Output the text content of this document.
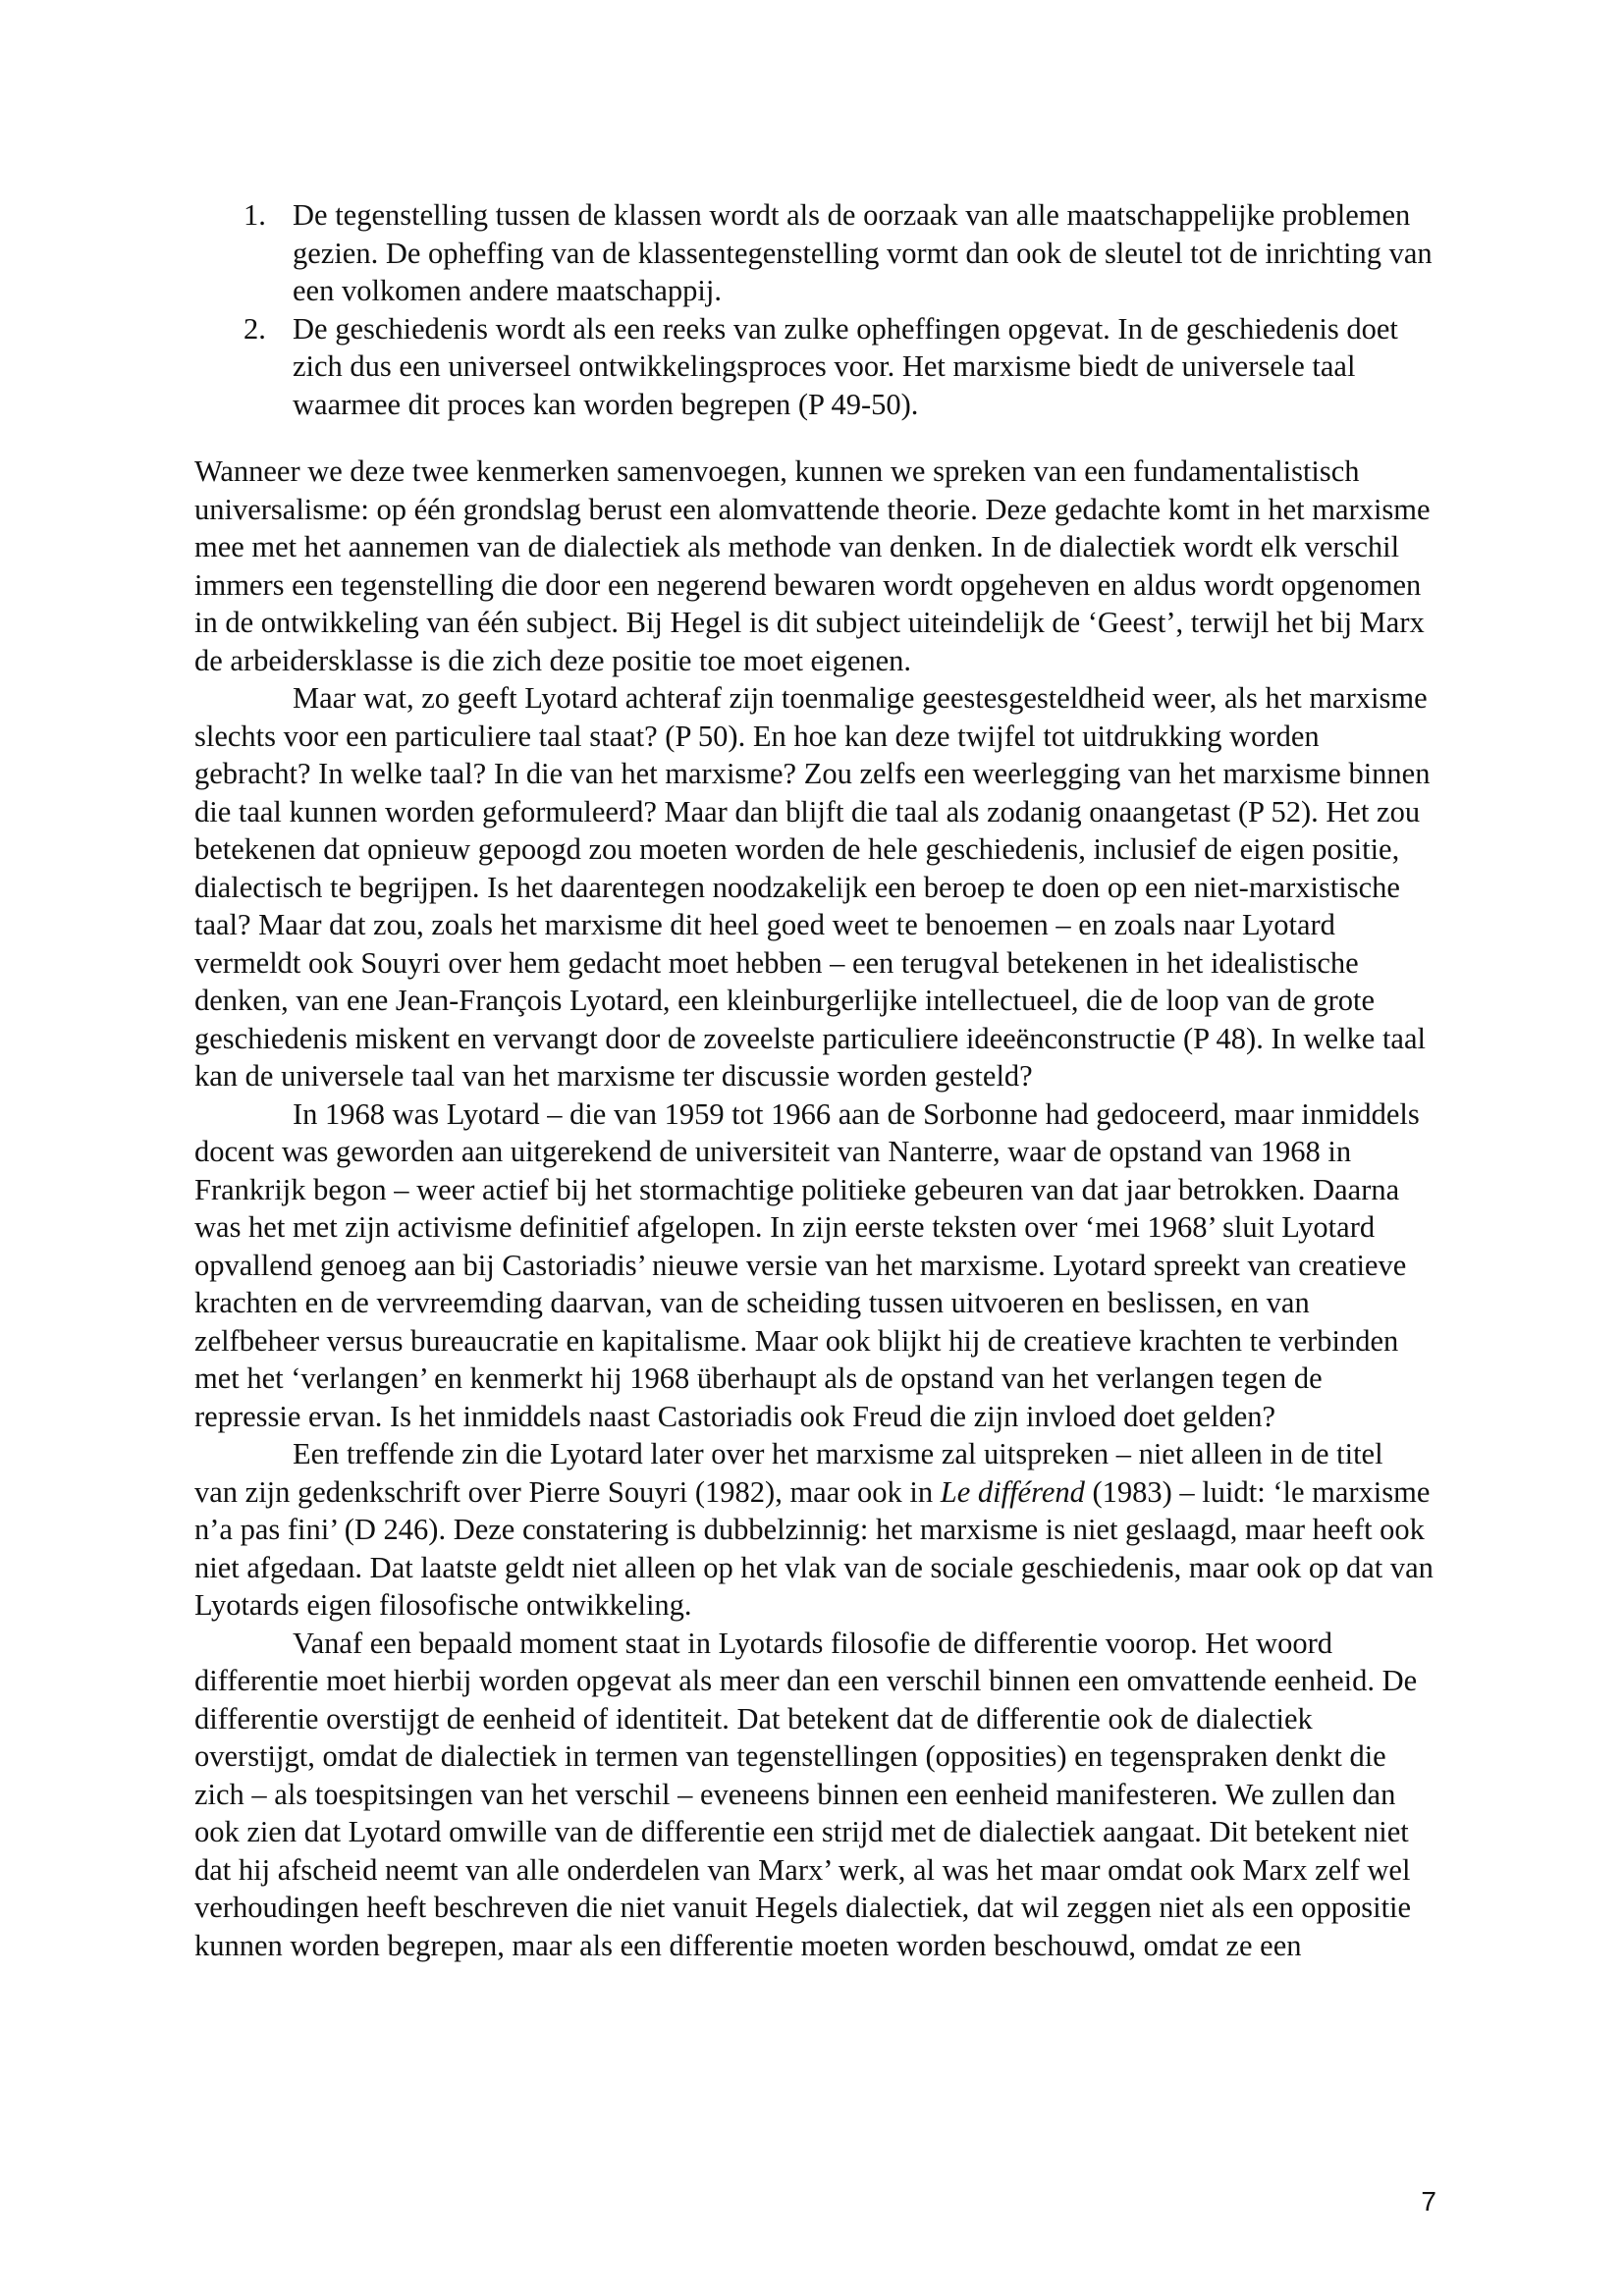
1. De tegenstelling tussen de klassen wordt als de oorzaak van alle maatschappelijke problemen gezien. De opheffing van de klassentegenstelling vormt dan ook de sleutel tot de inrichting van een volkomen andere maatschappij.
2. De geschiedenis wordt als een reeks van zulke opheffingen opgevat. In de geschiedenis doet zich dus een universeel ontwikkelingsproces voor. Het marxisme biedt de universele taal waarmee dit proces kan worden begrepen (P 49-50).

Wanneer we deze twee kenmerken samenvoegen, kunnen we spreken van een fundamentalistisch universalisme: op één grondslag berust een alomvattende theorie. Deze gedachte komt in het marxisme mee met het aannemen van de dialectiek als methode van denken. In de dialectiek wordt elk verschil immers een tegenstelling die door een negerend bewaren wordt opgeheven en aldus wordt opgenomen in de ontwikkeling van één subject. Bij Hegel is dit subject uiteindelijk de ‘Geest’, terwijl het bij Marx de arbeidersklasse is die zich deze positie toe moet eigenen.

Maar wat, zo geeft Lyotard achteraf zijn toenmalige geestesgesteldheid weer, als het marxisme slechts voor een particuliere taal staat? (P 50). En hoe kan deze twijfel tot uitdrukking worden gebracht? In welke taal? In die van het marxisme? Zou zelfs een weerlegging van het marxisme binnen die taal kunnen worden geformuleerd? Maar dan blijft die taal als zodanig onaangetast (P 52). Het zou betekenen dat opnieuw gepoogd zou moeten worden de hele geschiedenis, inclusief de eigen positie, dialectisch te begrijpen. Is het daarentegen noodzakelijk een beroep te doen op een niet-marxistische taal? Maar dat zou, zoals het marxisme dit heel goed weet te benoemen – en zoals naar Lyotard vermeldt ook Souyri over hem gedacht moet hebben – een terugval betekenen in het idealistische denken, van ene Jean-François Lyotard, een kleinburgerlijke intellectueel, die de loop van de grote geschiedenis miskent en vervangt door de zoveelste particuliere ideeënconstructie (P 48). In welke taal kan de universele taal van het marxisme ter discussie worden gesteld?

In 1968 was Lyotard – die van 1959 tot 1966 aan de Sorbonne had gedoceerd, maar inmiddels docent was geworden aan uitgerekend de universiteit van Nanterre, waar de opstand van 1968 in Frankrijk begon – weer actief bij het stormachtige politieke gebeuren van dat jaar betrokken. Daarna was het met zijn activisme definitief afgelopen. In zijn eerste teksten over ‘mei 1968’ sluit Lyotard opvallend genoeg aan bij Castoriadis’ nieuwe versie van het marxisme. Lyotard spreekt van creatieve krachten en de vervreemding daarvan, van de scheiding tussen uitvoeren en beslissen, en van zelfbeheer versus bureaucratie en kapitalisme. Maar ook blijkt hij de creatieve krachten te verbinden met het ‘verlangen’ en kenmerkt hij 1968 überhaupt als de opstand van het verlangen tegen de repressie ervan. Is het inmiddels naast Castoriadis ook Freud die zijn invloed doet gelden?

Een treffende zin die Lyotard later over het marxisme zal uitspreken – niet alleen in de titel van zijn gedenkschrift over Pierre Souyri (1982), maar ook in Le différend (1983) – luidt: ‘le marxisme n’a pas fini’ (D 246). Deze constatering is dubbelzinnig: het marxisme is niet geslaagd, maar heeft ook niet afgedaan. Dat laatste geldt niet alleen op het vlak van de sociale geschiedenis, maar ook op dat van Lyotards eigen filosofische ontwikkeling.

Vanaf een bepaald moment staat in Lyotards filosofie de differentie voorop. Het woord differentie moet hierbij worden opgevat als meer dan een verschil binnen een omvattende eenheid. De differentie overstijgt de eenheid of identiteit. Dat betekent dat de differentie ook de dialectiek overstijgt, omdat de dialectiek in termen van tegenstellingen (opposities) en tegenspraken denkt die zich – als toespitsingen van het verschil – eveneens binnen een eenheid manifesteren. We zullen dan ook zien dat Lyotard omwille van de differentie een strijd met de dialectiek aangaat. Dit betekent niet dat hij afscheid neemt van alle onderdelen van Marx’ werk, al was het maar omdat ook Marx zelf wel verhoudingen heeft beschreven die niet vanuit Hegels dialectiek, dat wil zeggen niet als een oppositie kunnen worden begrepen, maar als een differentie moeten worden beschouwd, omdat ze een

7
